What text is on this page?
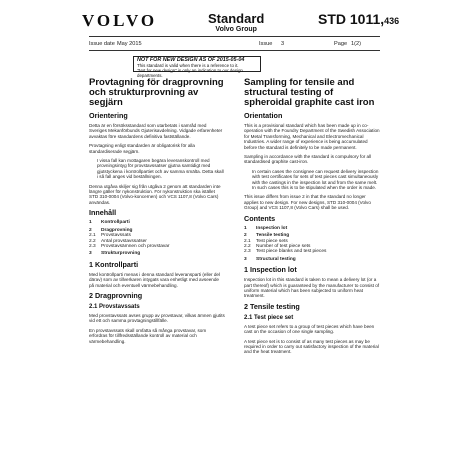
VOLVO	Standard
Volvo Group
STD 1011,436
Issue date May 2015	Issue 3	Page 1(2)
NOT FOR NEW DESIGN AS OF 2015-05-04
This standard is valid when there is a reference to it.
"Not for new design" is only an indication to our design departments.
Provtagning för dragprovning och strukturprovning av segjärn
Orientering
Detta är en försöksstandard som utarbetats i samråd med Sveriges Mekanförbunds Gjuterisavdelning. Vidgade erfarenheter avvaktas före standardens definitiva fastställande.
Provtagning enligt standarden är obligatorisk för alla standardiserade segjärn.
I vissa fall kan mottagaren begära leveranskontroll med provningsintyg för provstavssatser gjutna samtidigt med gjutstyckena i kontrollpartiet och av samma smälta. Detta skall i så fall anges vid beställningen.
Denna utgåva skiljer sig från utgåva 2 genom att standarden inte längre gäller för nykonstruktion. För nykonstruktion ska istället STD 310-0004 (Volvo-koncernen) och VCS 1107,8 (Volvo Cars) användas.
Innehåll
1	Kontrollparti
2	Dragprovning
2.1	Provstavssats
2.2	Antal provstavssatser
2.3	Provstavsämnen och provstavar
3	Strukturprovning
1 Kontrollparti
Med kontrollparti menas i denna standard leveransparti (eller del därav) som av tillverkaren intygats vara enhetligt med avseende på material och eventuell värmebehandling.
2 Dragprovning
2.1 Provstavssats
Med provstavssats avses grupp av provstavar, vilkas ämnen gjutits vid ett och samma provtagningstillfälle.
En provstavssats skall omfatta så många provstavar, som erfordras för tillfredsställande kontroll av material och värmebehandling.
Sampling for tensile and structural testing of spheroidal graphite cast iron
Orientation
This is a provisional standard which has been made up in co-operation with the Foundry Department of the Swedish Association for Metal Transforming, Mechanical and Electromechanical Industries. A wider range of experience is being accumulated before the standard is definitely to be made permanent.
Sampling in accordance with the standard is compulsory for all standardised graphite cast-iron.
In certain cases the consignee can request delivery inspection with test certificates for sets of test pieces cast simultaneously with the castings in the inspection lot and from the same melt. In such cases this is to be stipulated when the order is made.
This issue differs from issue 2 in that the standard no longer applies to new design. For new designs, STD 310-0004 (Volvo Group) and VCS 1107,8 (Volvo Cars) shall be used.
Contents
1	Inspection lot
2	Tensile testing
2.1	Test piece sets
2.2	Number of test piece sets
2.3	Test piece blanks and test pieces
3	Structural testing
1 Inspection lot
Inspection lot in this standard is taken to mean a delivery lot (or a part thereof) which is guaranteed by the manufacturer to consist of uniform material which has been subjected to uniform heat treatment.
2 Tensile testing
2.1 Test piece set
A test piece set refers to a group of test pieces which have been cast on the occasion of one single sampling.
A test piece set is to consist of as many test pieces as may be required in order to carry out satisfactory inspection of the material and the heat treatment.
